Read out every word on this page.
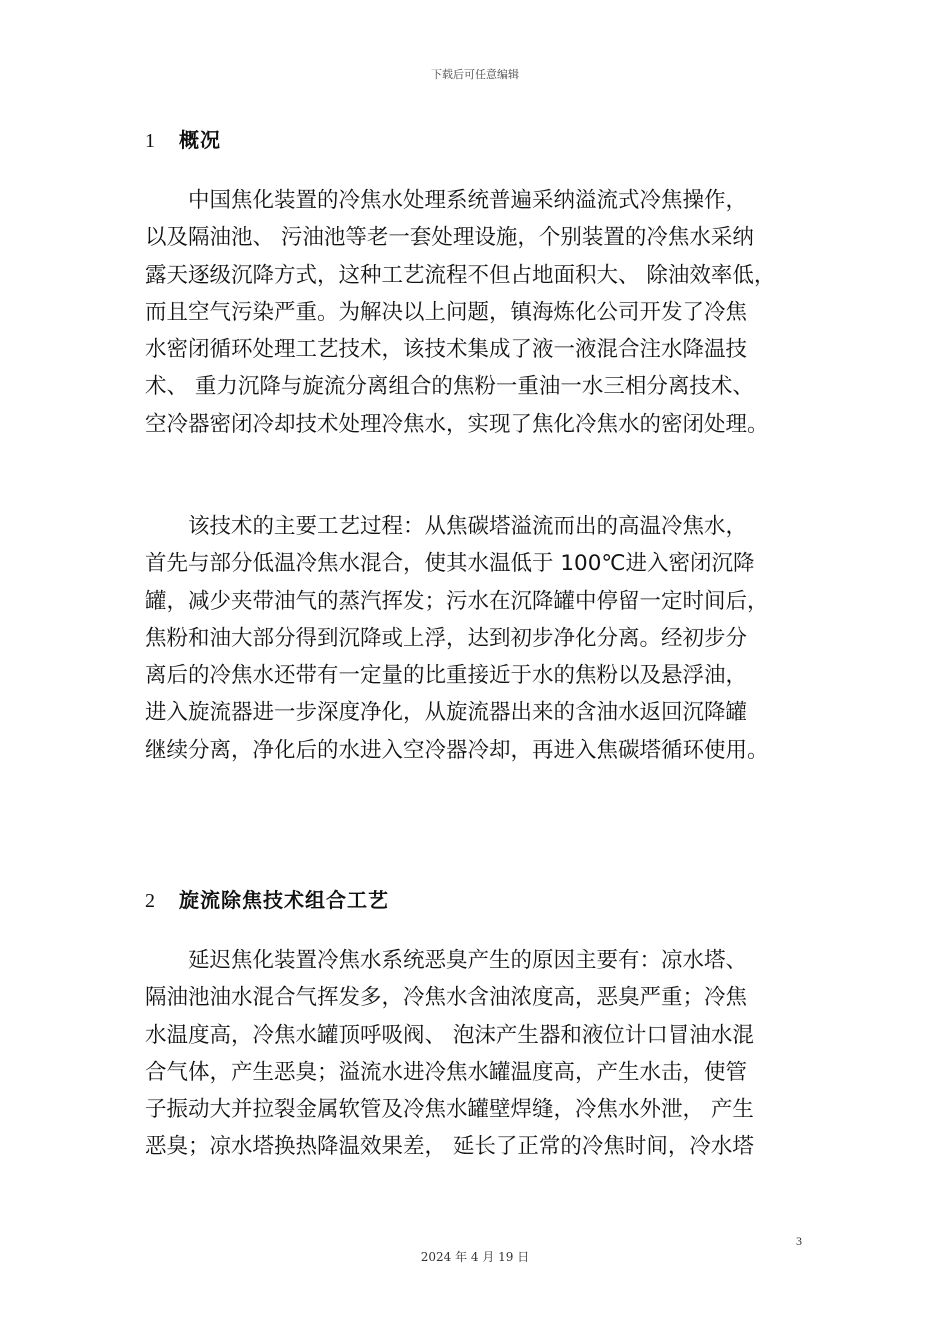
下载后可任意编辑
1 概况

中国焦化装置的冷焦水处理系统普遍采纳溢流式冷焦操作，
以及隔油池、 污油池等老一套处理设施，个别装置的冷焦水采纳
露天逐级沉降方式，这种工艺流程不但占地面积大、 除油效率低，
而且空气污染严重。为解决以上问题，镇海炼化公司开发了冷焦
水密闭循环处理工艺技术，该技术集成了液一液混合注水降温技
术、 重力沉降与旋流分离组合的焦粉一重油一水三相分离技术、
空冷器密闭冷却技术处理冷焦水，实现了焦化冷焦水的密闭处理。

该技术的主要工艺过程：从焦碳塔溢流而出的高温冷焦水，
首先与部分低温冷焦水混合，使其水温低于 100℃进入密闭沉降
罐，减少夹带油气的蒸汽挥发；污水在沉降罐中停留一定时间后，
焦粉和油大部分得到沉降或上浮，达到初步净化分离。经初步分
离后的冷焦水还带有一定量的比重接近于水的焦粉以及悬浮油，
进入旋流器进一步深度净化，从旋流器出来的含油水返回沉降罐
继续分离，净化后的水进入空冷器冷却，再进入焦碳塔循环使用。

2 旋流除焦技术组合工艺

延迟焦化装置冷焦水系统恶臭产生的原因主要有：凉水塔、
隔油池油水混合气挥发多，冷焦水含油浓度高，恶臭严重；冷焦
水温度高，冷焦水罐顶呼吸阀、 泡沫产生器和液位计口冒油水混
合气体，产生恶臭；溢流水进冷焦水罐温度高，产生水击，使管
子振动大并拉裂金属软管及冷焦水罐壁焊缝，冷焦水外泄， 产生
恶臭；凉水塔换热降温效果差， 延长了正常的冷焦时间，冷水塔

3
2024 年 4 月 19 日
